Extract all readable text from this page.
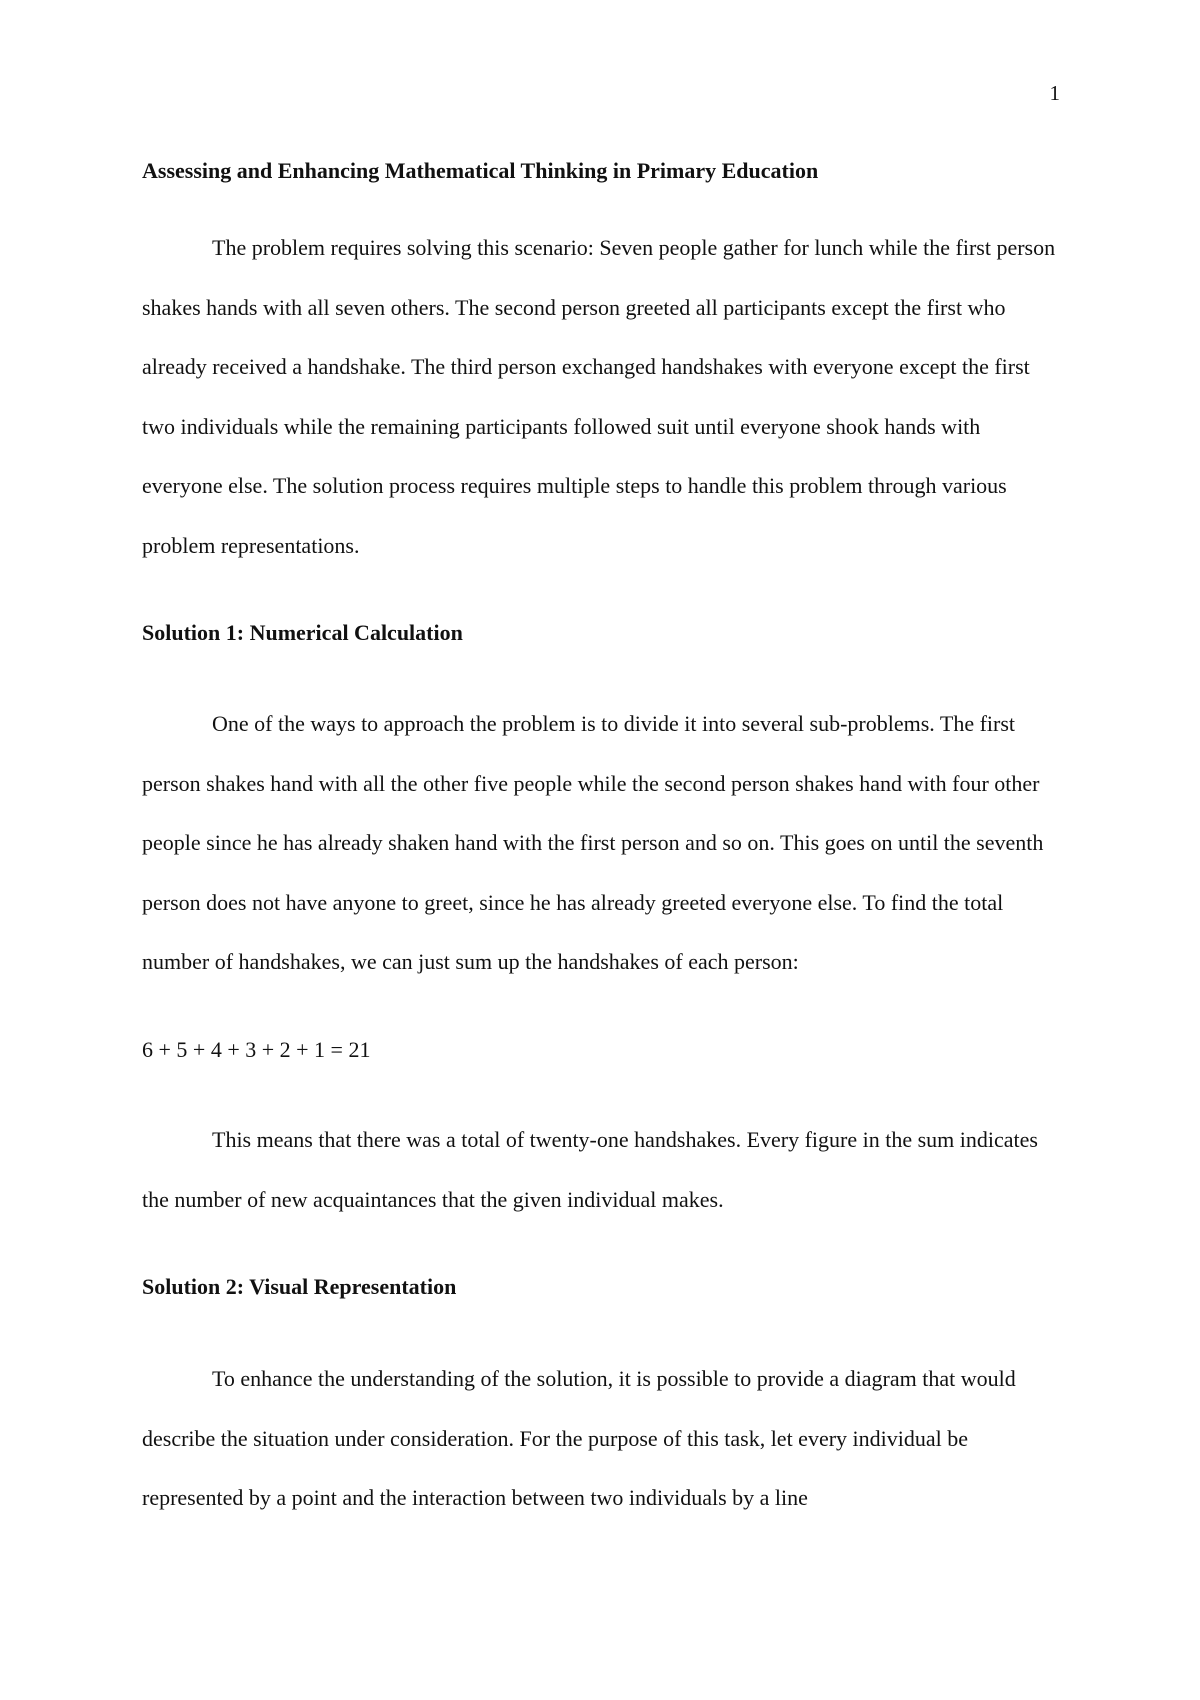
1
Assessing and Enhancing Mathematical Thinking in Primary Education

The problem requires solving this scenario: Seven people gather for lunch while the first person shakes hands with all seven others. The second person greeted all participants except the first who already received a handshake. The third person exchanged handshakes with everyone except the first two individuals while the remaining participants followed suit until everyone shook hands with everyone else. The solution process requires multiple steps to handle this problem through various problem representations.

Solution 1: Numerical Calculation

One of the ways to approach the problem is to divide it into several sub-problems. The first person shakes hand with all the other five people while the second person shakes hand with four other people since he has already shaken hand with the first person and so on. This goes on until the seventh person does not have anyone to greet, since he has already greeted everyone else. To find the total number of handshakes, we can just sum up the handshakes of each person:

6 + 5 + 4 + 3 + 2 + 1 = 21

This means that there was a total of twenty-one handshakes. Every figure in the sum indicates the number of new acquaintances that the given individual makes.

Solution 2: Visual Representation

To enhance the understanding of the solution, it is possible to provide a diagram that would describe the situation under consideration. For the purpose of this task, let every individual be represented by a point and the interaction between two individuals by a line
